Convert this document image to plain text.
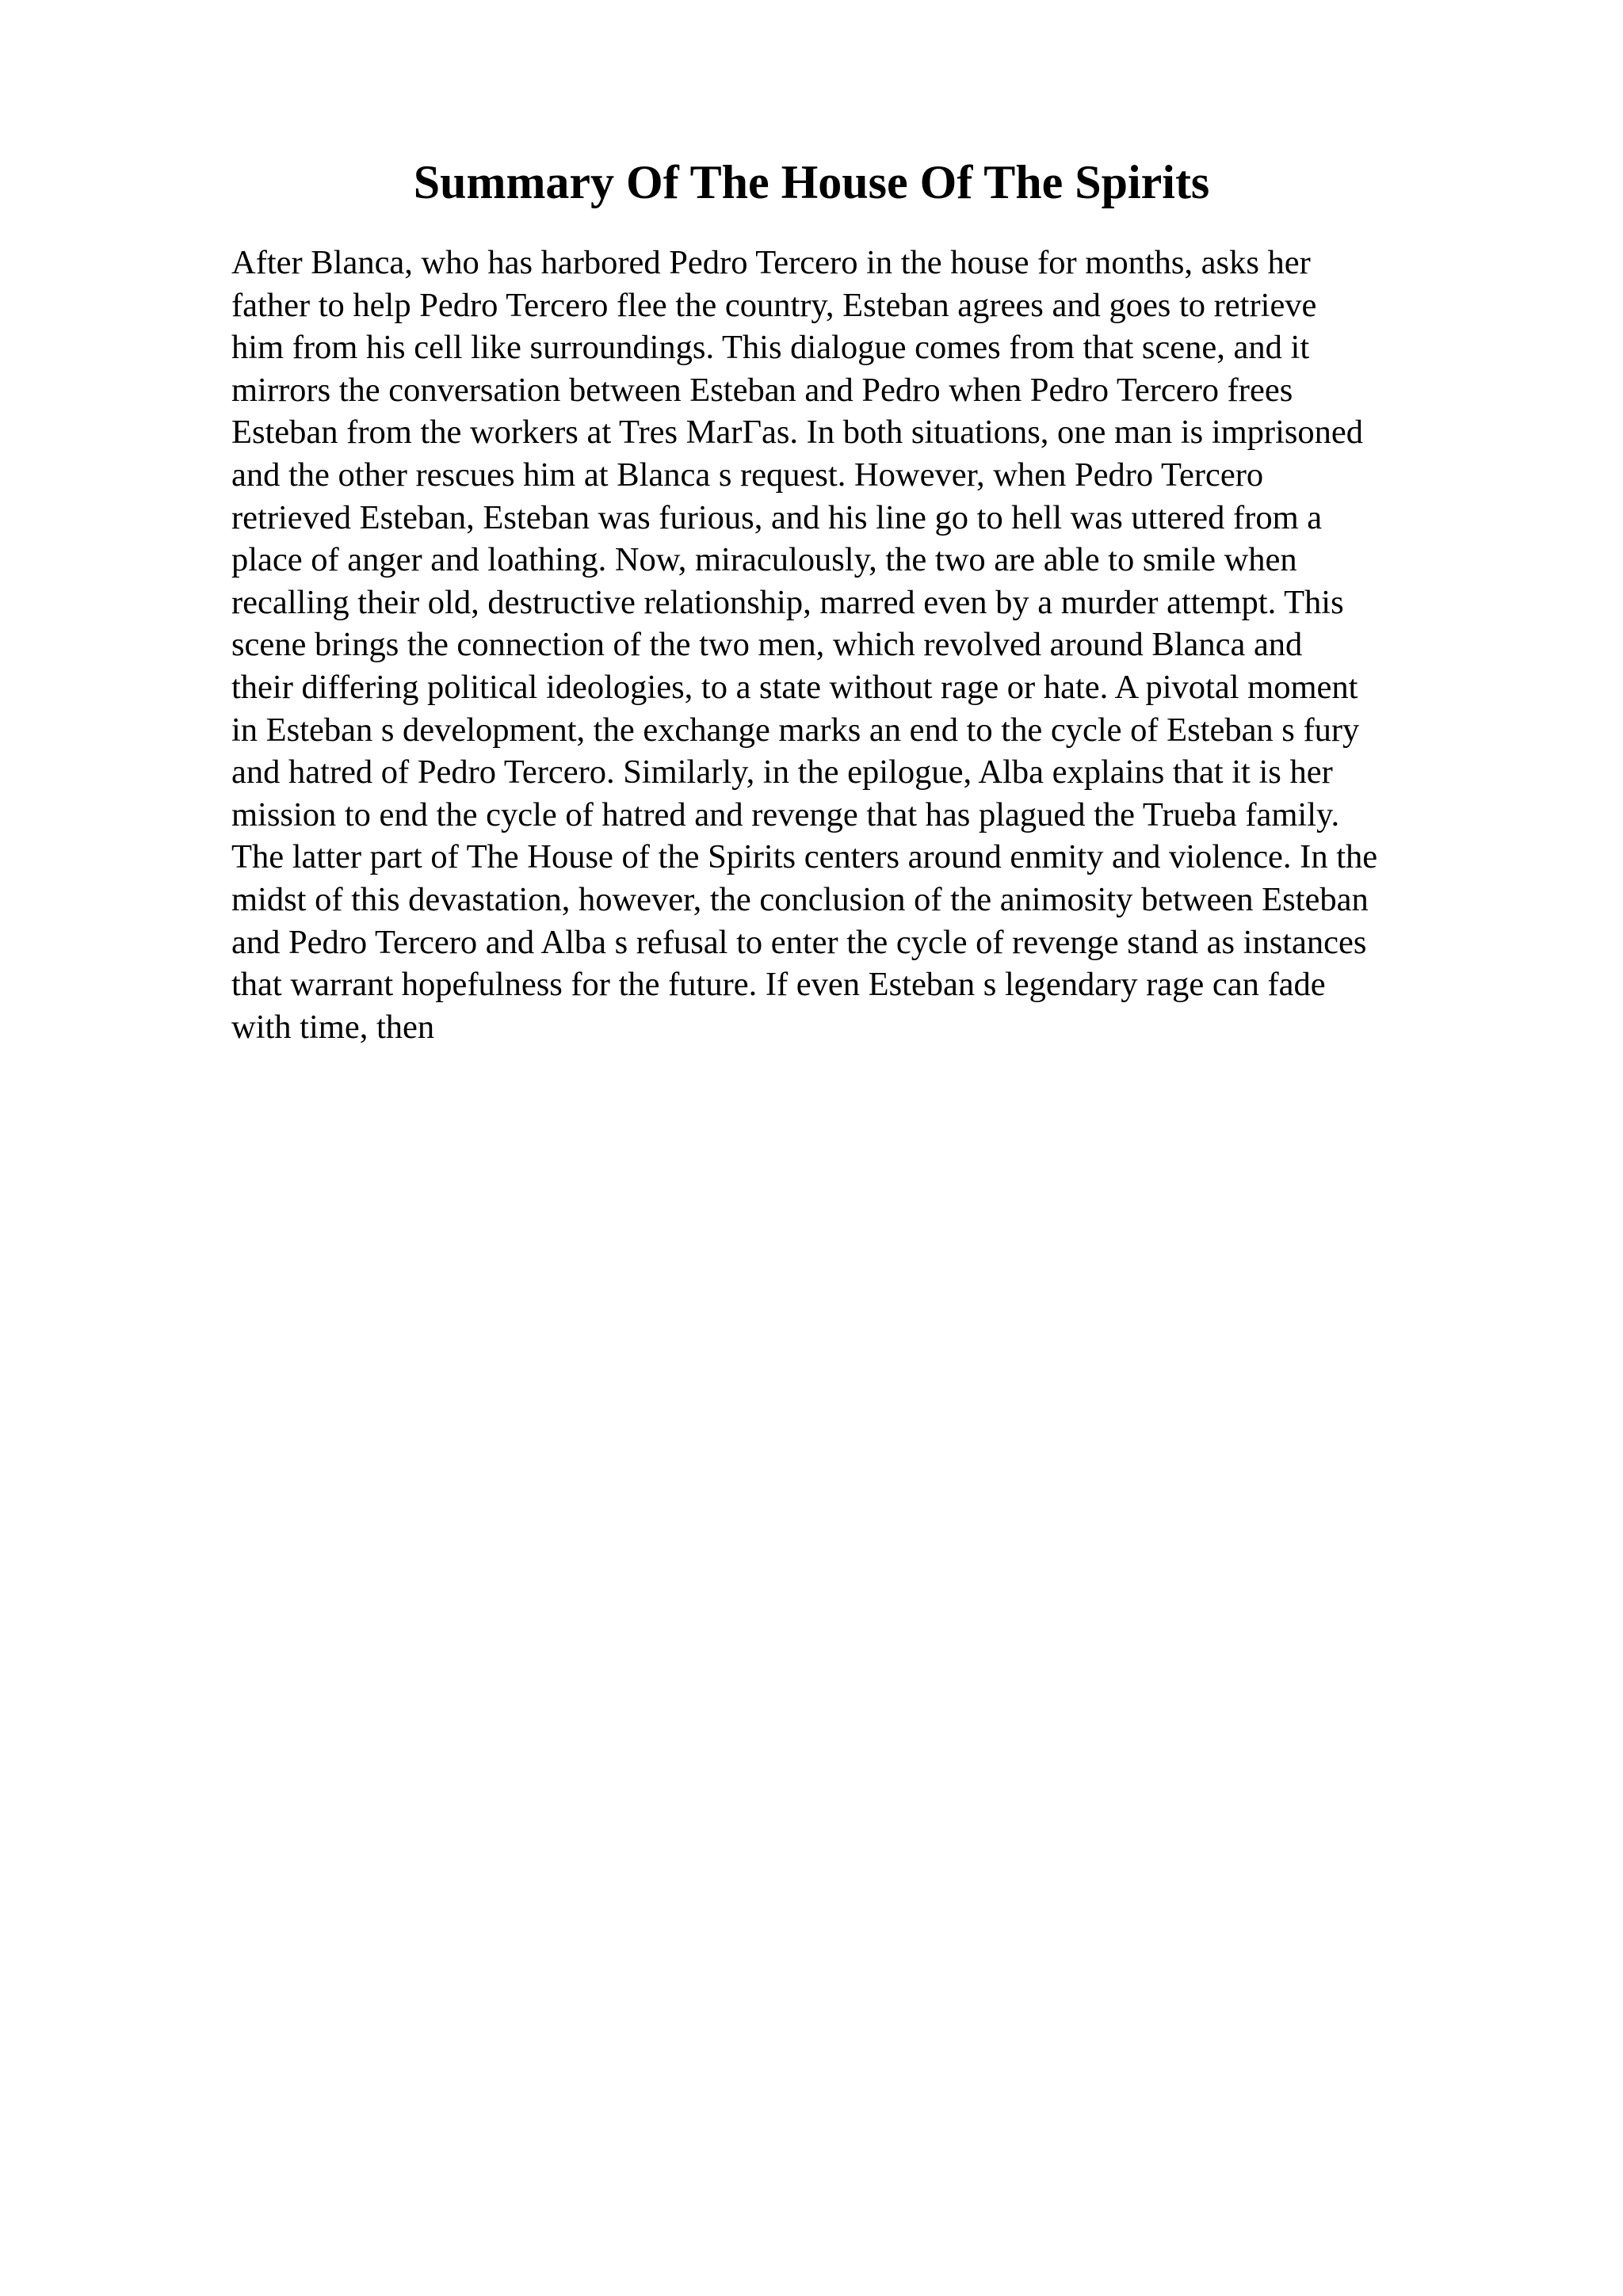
Summary Of The House Of The Spirits

After Blanca, who has harbored Pedro Tercero in the house for months, asks her
father to help Pedro Tercero flee the country, Esteban agrees and goes to retrieve
him from his cell like surroundings. This dialogue comes from that scene, and it
mirrors the conversation between Esteban and Pedro when Pedro Tercero frees
Esteban from the workers at Tres MarΓas. In both situations, one man is imprisoned
and the other rescues him at Blanca s request. However, when Pedro Tercero
retrieved Esteban, Esteban was furious, and his line go to hell was uttered from a
place of anger and loathing. Now, miraculously, the two are able to smile when
recalling their old, destructive relationship, marred even by a murder attempt. This
scene brings the connection of the two men, which revolved around Blanca and
their differing political ideologies, to a state without rage or hate. A pivotal moment
in Esteban s development, the exchange marks an end to the cycle of Esteban s fury
and hatred of Pedro Tercero. Similarly, in the epilogue, Alba explains that it is her
mission to end the cycle of hatred and revenge that has plagued the Trueba family.
The latter part of The House of the Spirits centers around enmity and violence. In the
midst of this devastation, however, the conclusion of the animosity between Esteban
and Pedro Tercero and Alba s refusal to enter the cycle of revenge stand as instances
that warrant hopefulness for the future. If even Esteban s legendary rage can fade
with time, then
